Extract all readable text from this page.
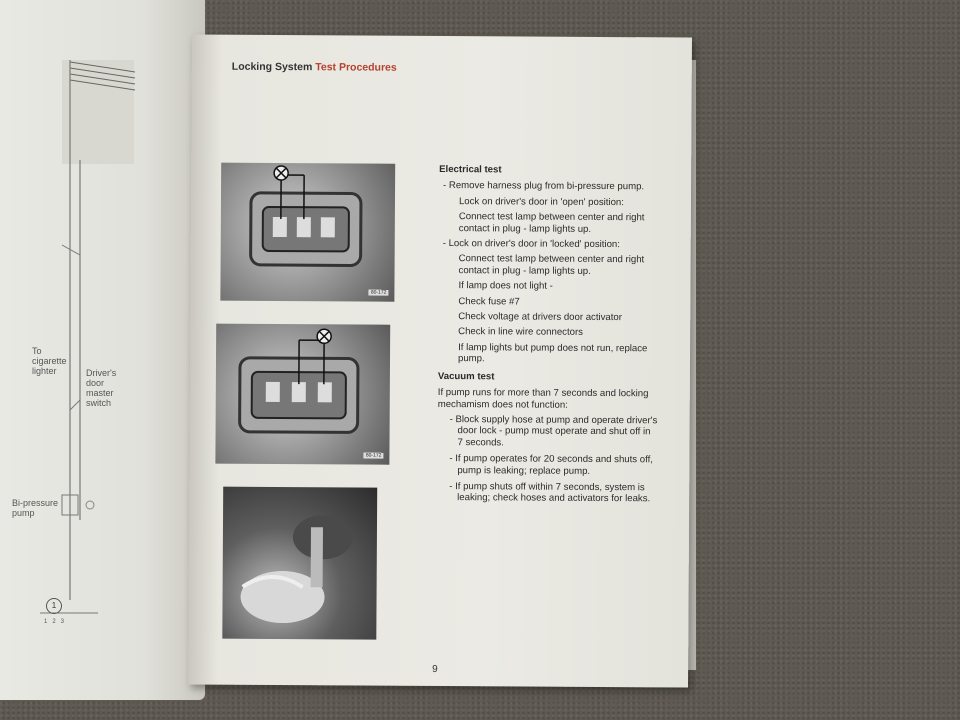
To
cigarette
lighter	Driver's
door
master
switch
Bi-pressure
pump
1
1   2   3
Locking System Test Procedures
80-172
80-172
Electrical test
- Remove harness plug from bi-pressure pump.
Lock on driver's door in 'open' position:
Connect test lamp between center and right contact in plug - lamp lights up.
- Lock on driver's door in 'locked' position:
Connect test lamp between center and right contact in plug - lamp lights up.
If lamp does not light -
Check fuse #7
Check voltage at drivers door activator
Check in line wire connectors
If lamp lights but pump does not run, replace pump.
Vacuum test
If pump runs for more than 7 seconds and locking mechamism does not function:
- Block supply hose at pump and operate driver's door lock - pump must operate and shut off in 7 seconds.
- If pump operates for 20 seconds and shuts off, pump is leaking; replace pump.
- If pump shuts off within 7 seconds, system is leaking; check hoses and activators for leaks.
9
